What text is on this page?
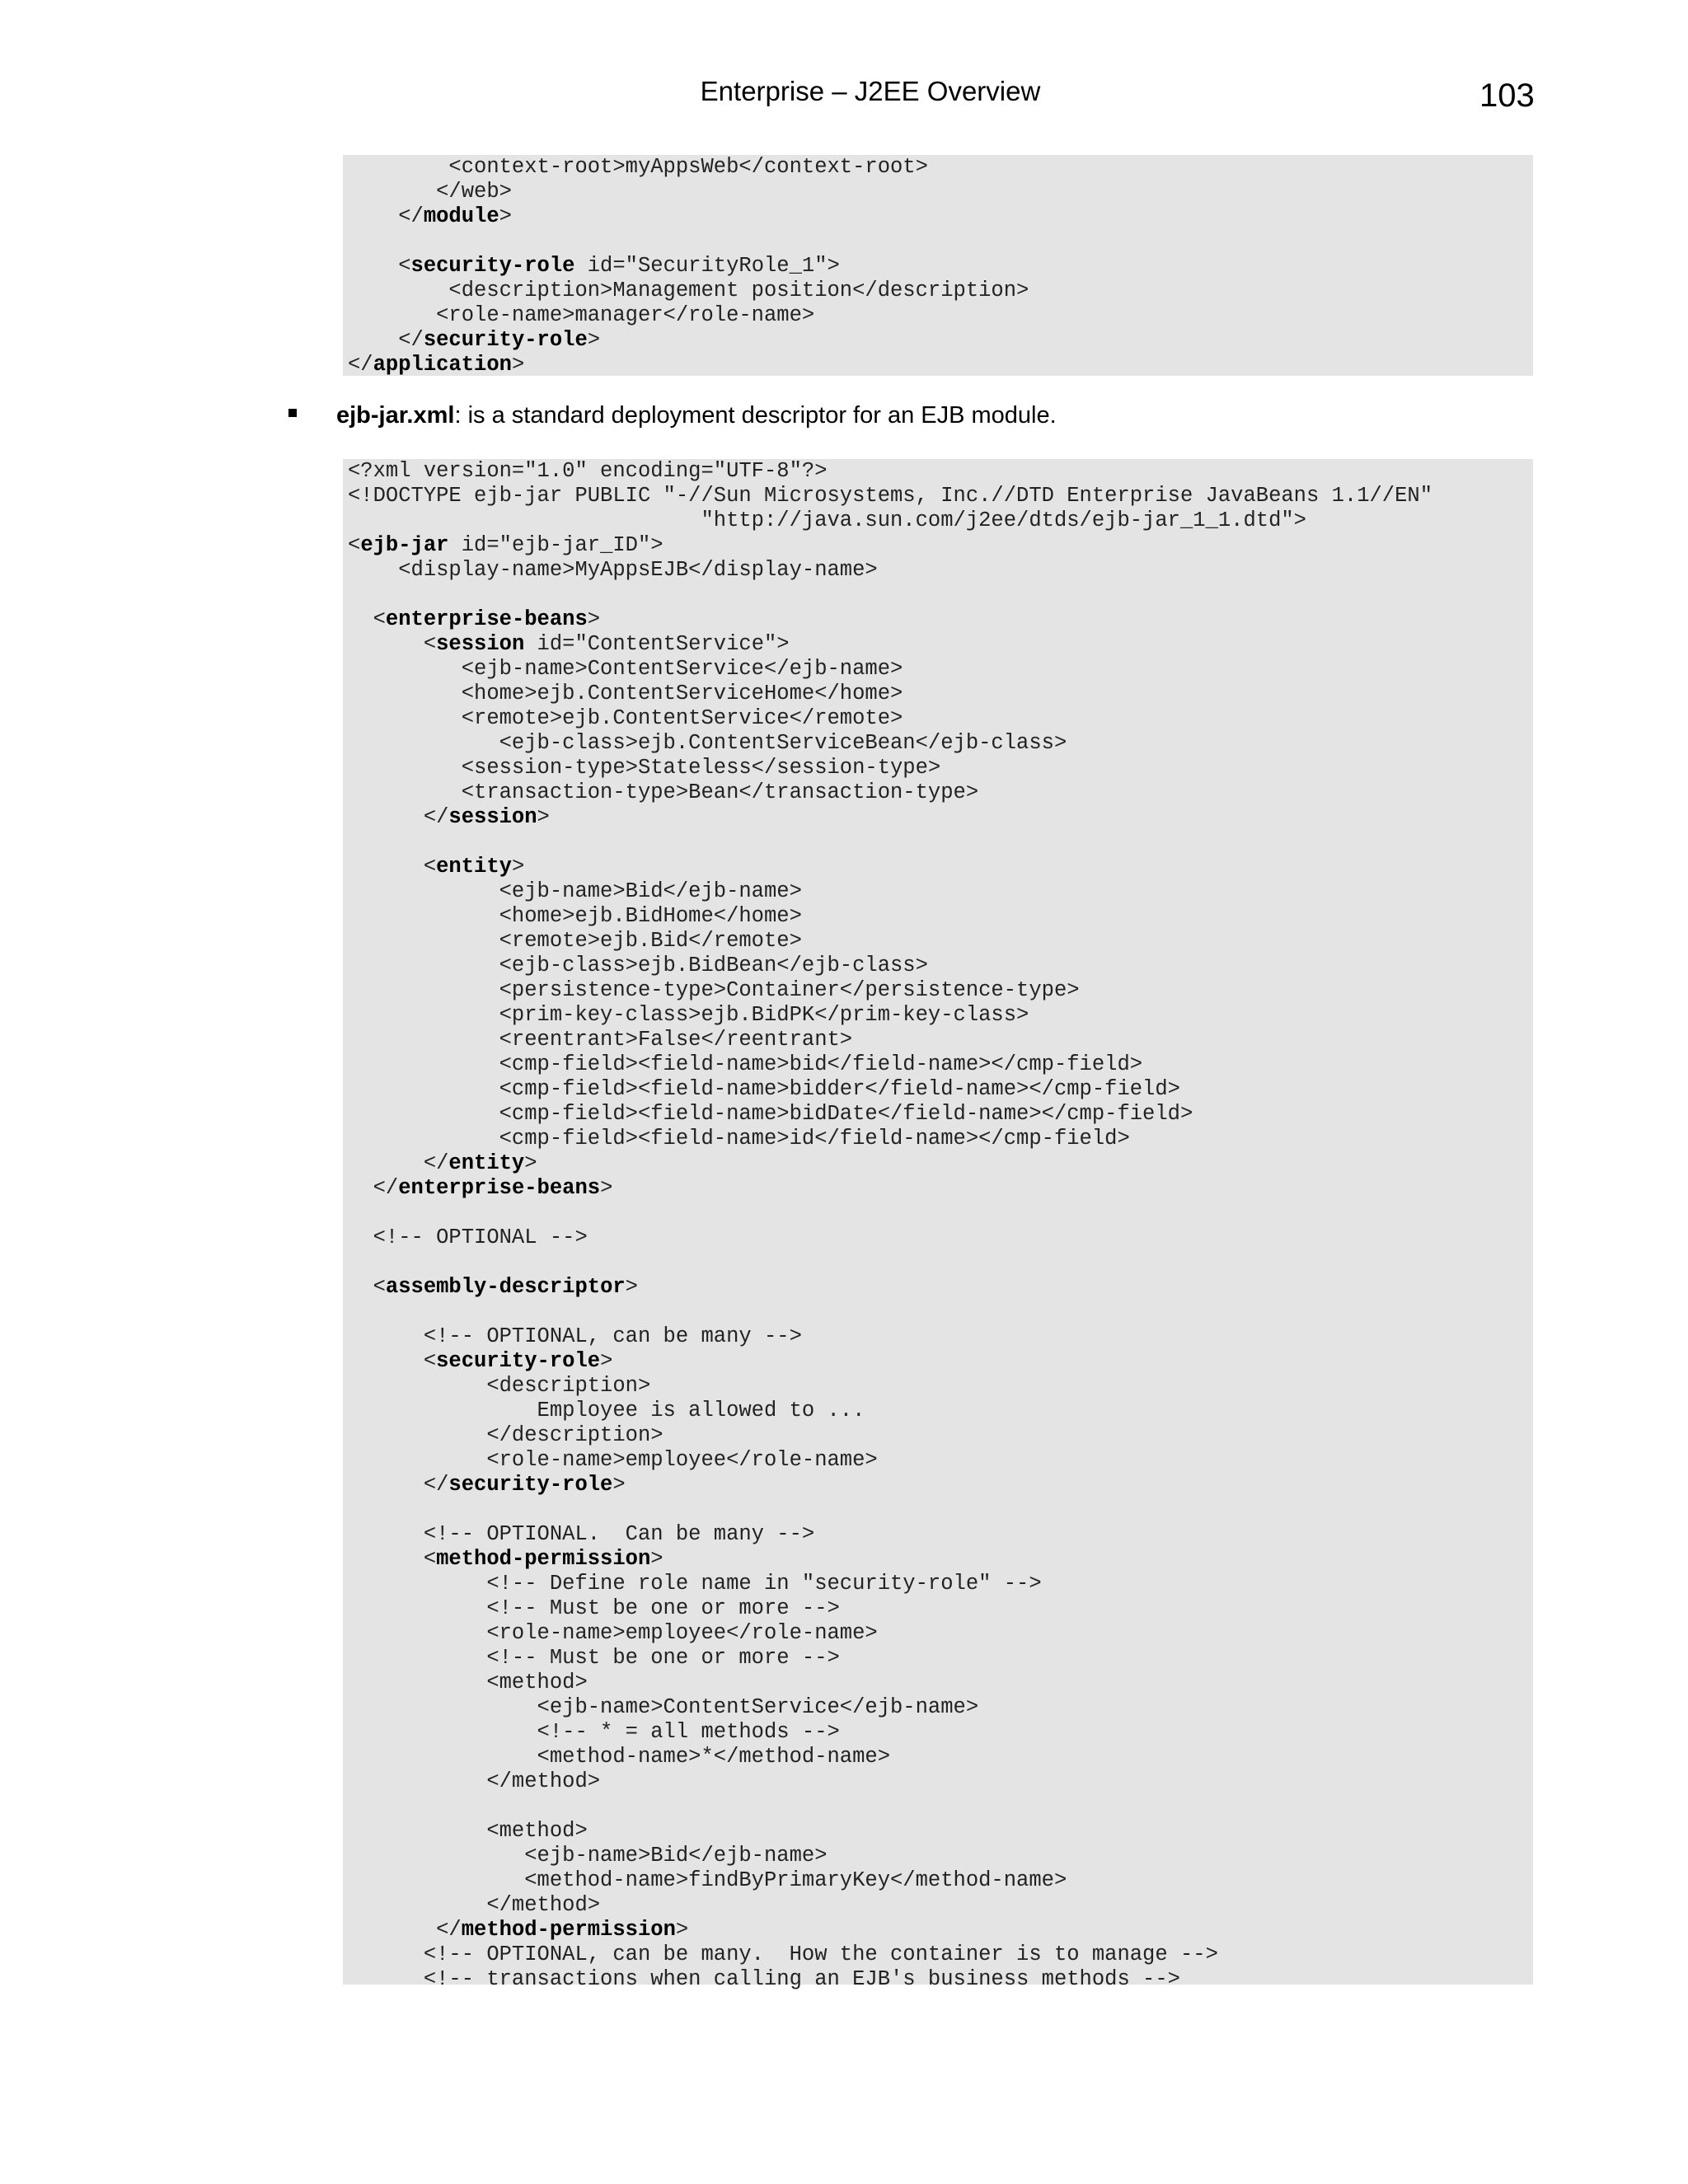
Enterprise – J2EE Overview	103
<context-root>myAppsWeb</context-root>
</web>
</module>
<security-role id="SecurityRole_1">
<description>Management position</description>
<role-name>manager</role-name>
</security-role>
</application>
ejb-jar.xml: is a standard deployment descriptor for an EJB module.
<?xml version="1.0" encoding="UTF-8"?>
<!DOCTYPE ejb-jar PUBLIC "-//Sun Microsystems, Inc.//DTD Enterprise JavaBeans 1.1//EN"
"http://java.sun.com/j2ee/dtds/ejb-jar_1_1.dtd">
<ejb-jar id="ejb-jar_ID">
<display-name>MyAppsEJB</display-name>
<enterprise-beans>
<session id="ContentService">
<ejb-name>ContentService</ejb-name>
<home>ejb.ContentServiceHome</home>
<remote>ejb.ContentService</remote>
<ejb-class>ejb.ContentServiceBean</ejb-class>
<session-type>Stateless</session-type>
<transaction-type>Bean</transaction-type>
</session>
<entity>
<ejb-name>Bid</ejb-name>
<home>ejb.BidHome</home>
<remote>ejb.Bid</remote>
<ejb-class>ejb.BidBean</ejb-class>
<persistence-type>Container</persistence-type>
<prim-key-class>ejb.BidPK</prim-key-class>
<reentrant>False</reentrant>
<cmp-field><field-name>bid</field-name></cmp-field>
<cmp-field><field-name>bidder</field-name></cmp-field>
<cmp-field><field-name>bidDate</field-name></cmp-field>
<cmp-field><field-name>id</field-name></cmp-field>
</entity>
</enterprise-beans>
<!-- OPTIONAL -->
<assembly-descriptor>
<!-- OPTIONAL, can be many -->
<security-role>
<description>
Employee is allowed to ...
</description>
<role-name>employee</role-name>
</security-role>
<!-- OPTIONAL.  Can be many -->
<method-permission>
<!-- Define role name in "security-role" -->
<!-- Must be one or more -->
<role-name>employee</role-name>
<!-- Must be one or more -->
<method>
<ejb-name>ContentService</ejb-name>
<!-- * = all methods -->
<method-name>*</method-name>
</method>
<method>
<ejb-name>Bid</ejb-name>
<method-name>findByPrimaryKey</method-name>
</method>
</method-permission>
<!-- OPTIONAL, can be many.  How the container is to manage -->
<!-- transactions when calling an EJB's business methods -->
